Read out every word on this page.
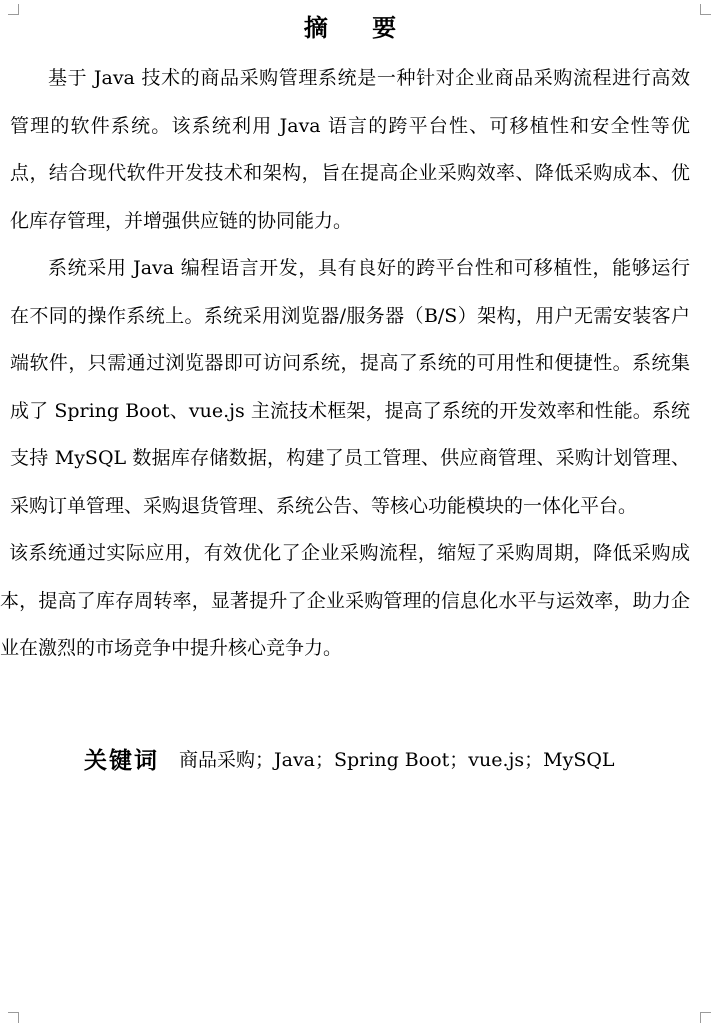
摘 要

基于 Java 技术的商品采购管理系统是一种针对企业商品采购流程进行高效管理的软件系统。该系统利用 Java 语言的跨平台性、可移植性和安全性等优点，结合现代软件开发技术和架构，旨在提高企业采购效率、降低采购成本、优化库存管理，并增强供应链的协同能力。

系统采用 Java 编程语言开发，具有良好的跨平台性和可移植性，能够运行在不同的操作系统上。系统采用浏览器/服务器（B/S）架构，用户无需安装客户端软件，只需通过浏览器即可访问系统，提高了系统的可用性和便捷性。系统集成了 Spring Boot、vue.js 主流技术框架，提高了系统的开发效率和性能。系统支持 MySQL 数据库存储数据，构建了员工管理、供应商管理、采购计划管理、采购订单管理、采购退货管理、系统公告、等核心功能模块的一体化平台。

该系统通过实际应用，有效优化了企业采购流程，缩短了采购周期，降低采购成本，提高了库存周转率，显著提升了企业采购管理的信息化水平与运效率，助力企业在激烈的市场竞争中提升核心竞争力。

关键词 商品采购；Java；Spring Boot；vue.js；MySQL
